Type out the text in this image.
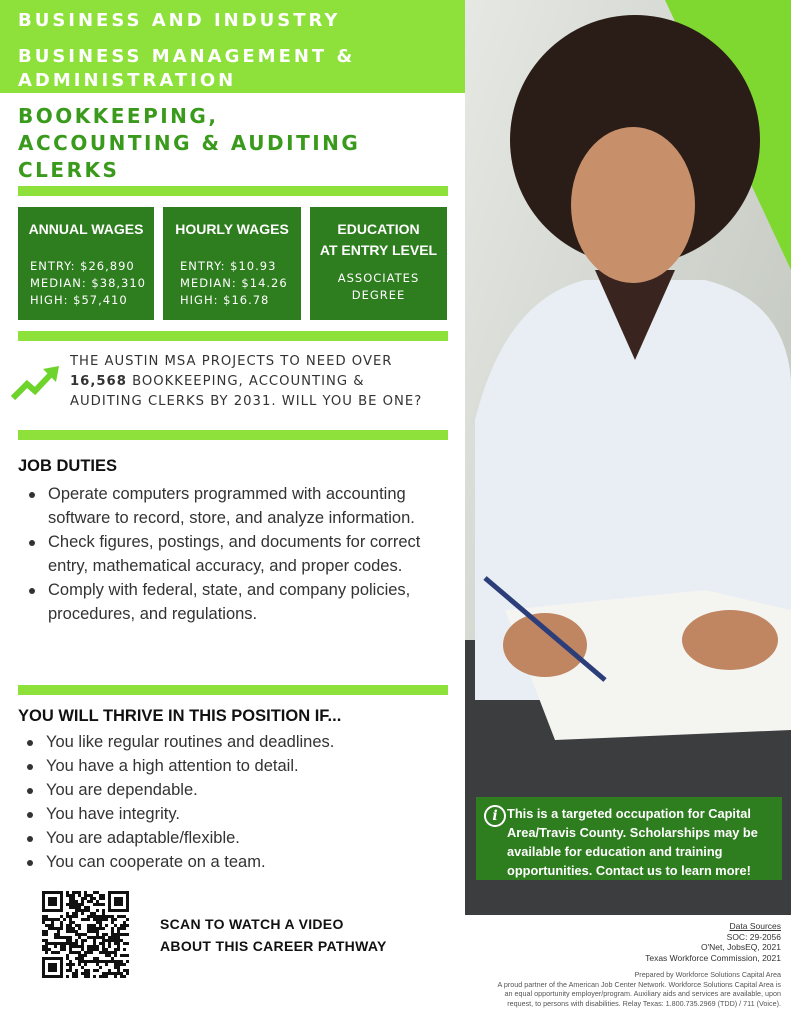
BUSINESS AND INDUSTRY
BUSINESS MANAGEMENT &
ADMINISTRATION
BOOKKEEPING,
ACCOUNTING & AUDITING
CLERKS
ANNUAL WAGES
ENTRY: $26,890
MEDIAN: $38,310
HIGH: $57,410
HOURLY WAGES
ENTRY: $10.93
MEDIAN: $14.26
HIGH: $16.78
EDUCATION
AT ENTRY LEVEL
ASSOCIATES
DEGREE
THE AUSTIN MSA PROJECTS TO NEED OVER
16,568 BOOKKEEPING, ACCOUNTING &
AUDITING CLERKS BY 2031. WILL YOU BE ONE?
JOB DUTIES
Operate computers programmed with accounting software to record, store, and analyze information.
Check figures, postings, and documents for correct entry, mathematical accuracy, and proper codes.
Comply with federal, state, and company policies, procedures, and regulations.
YOU WILL THRIVE IN THIS POSITION IF...
You like regular routines and deadlines.
You have a high attention to detail.
You are dependable.
You have integrity.
You are adaptable/flexible.
You can cooperate on a team.
SCAN TO WATCH A VIDEO
ABOUT THIS CAREER PATHWAY
i This is a targeted occupation for Capital Area/Travis County. Scholarships may be available for education and training opportunities. Contact us to learn more!
Data Sources
SOC: 29-2056
O'Net, JobsEQ, 2021
Texas Workforce Commission, 2021
Prepared by Workforce Solutions Capital Area
A proud partner of the American Job Center Network. Workforce Solutions Capital Area is
an equal opportunity employer/program. Auxiliary aids and services are available, upon
request, to persons with disabilities. Relay Texas: 1.800.735.2969 (TDD) / 711 (Voice).
